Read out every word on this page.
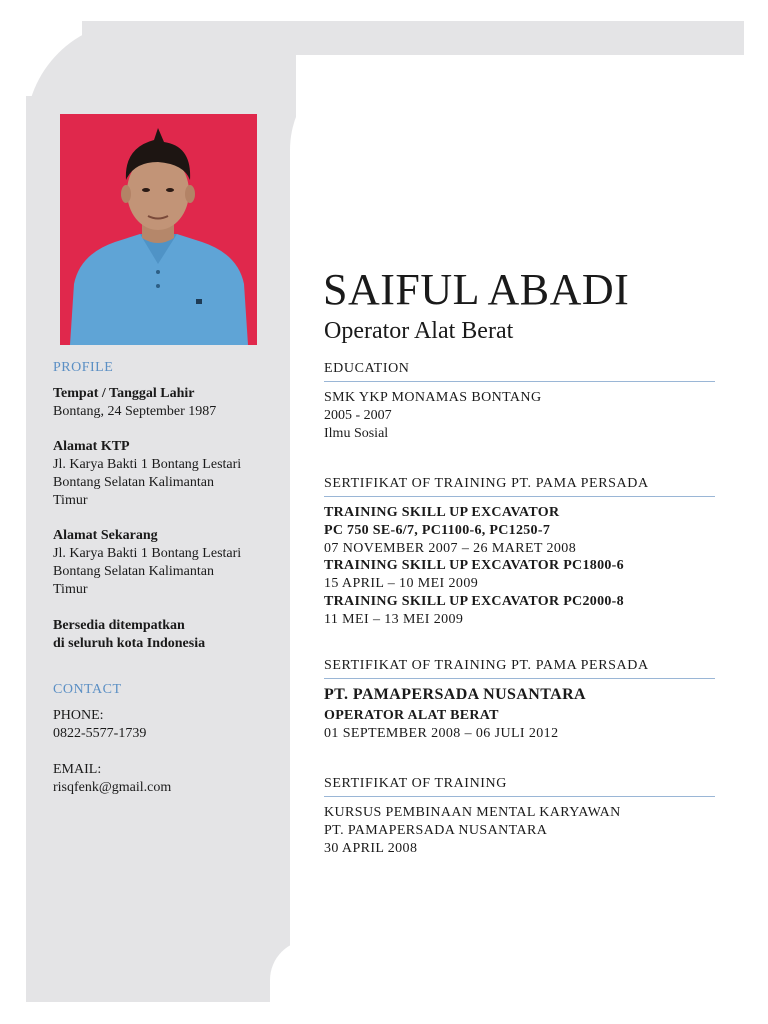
PROFILE
Tempat / Tanggal Lahir
Bontang, 24 September 1987
Alamat KTP
Jl. Karya Bakti 1 Bontang Lestari
Bontang Selatan Kalimantan
Timur
Alamat Sekarang
Jl. Karya Bakti 1 Bontang Lestari
Bontang Selatan Kalimantan
Timur
Bersedia ditempatkan
di seluruh kota Indonesia
CONTACT
PHONE:
0822-5577-1739
EMAIL:
risqfenk@gmail.com
SAIFUL ABADI
Operator Alat Berat
EDUCATION
SMK YKP MONAMAS BONTANG
2005 - 2007
Ilmu Sosial
SERTIFIKAT OF TRAINING PT. PAMA PERSADA
TRAINING SKILL UP EXCAVATOR
PC 750 SE-6/7, PC1100-6, PC1250-7
07 NOVEMBER 2007 – 26 MARET 2008
TRAINING SKILL UP EXCAVATOR PC1800-6
15 APRIL – 10 MEI 2009
TRAINING SKILL UP EXCAVATOR PC2000-8
11 MEI – 13 MEI 2009
SERTIFIKAT OF TRAINING PT. PAMA PERSADA
PT. PAMAPERSADA NUSANTARA
OPERATOR ALAT BERAT
01 SEPTEMBER 2008 – 06 JULI 2012
SERTIFIKAT OF TRAINING
KURSUS PEMBINAAN MENTAL KARYAWAN
PT. PAMAPERSADA NUSANTARA
30 APRIL 2008
